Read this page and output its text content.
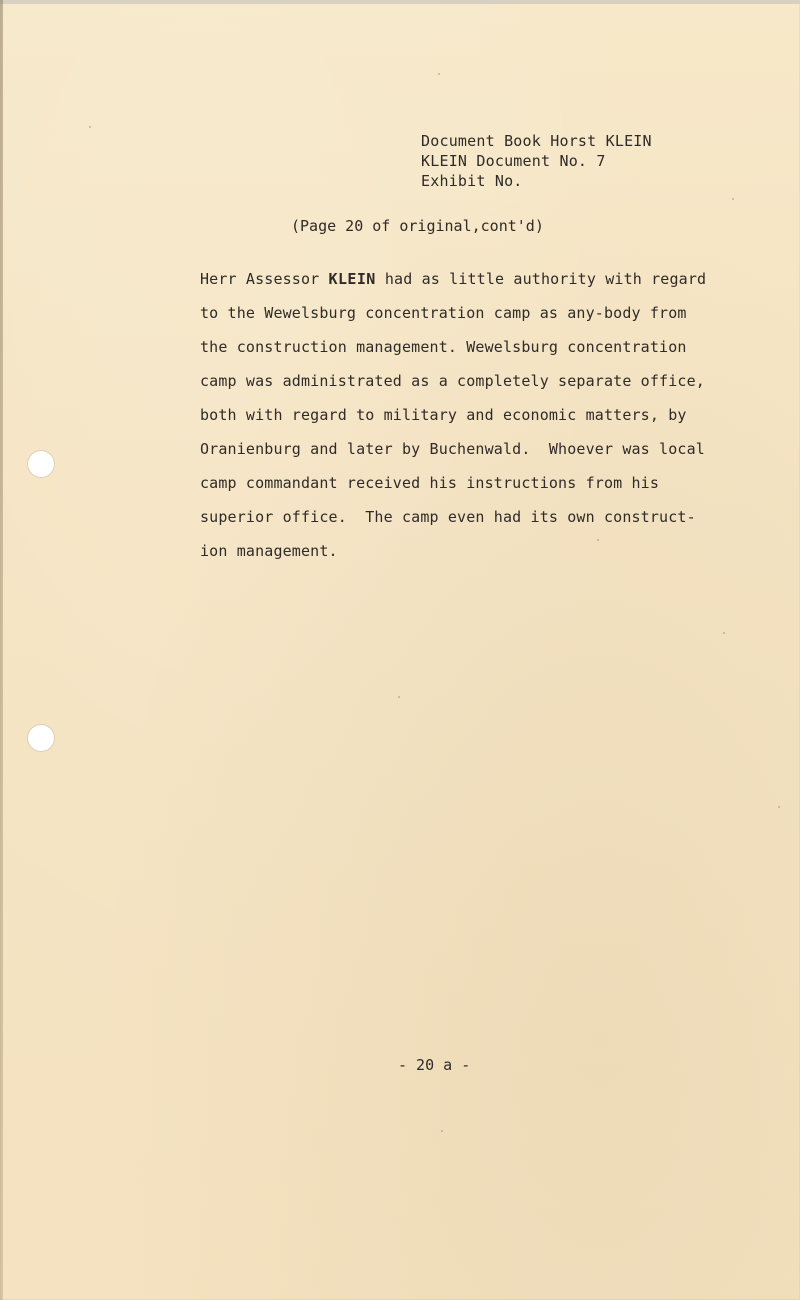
Document Book Horst KLEIN
KLEIN Document No. 7
Exhibit No.
(Page 20 of original,cont'd)
Herr Assessor KLEIN had as little authority with regard
to the Wewelsburg concentration camp as any-body from
the construction management. Wewelsburg concentration
camp was administrated as a completely separate office,
both with regard to military and economic matters, by
Oranienburg and later by Buchenwald.  Whoever was local
camp commandant received his instructions from his
superior office.  The camp even had its own construct-
ion management.
- 20 a -
